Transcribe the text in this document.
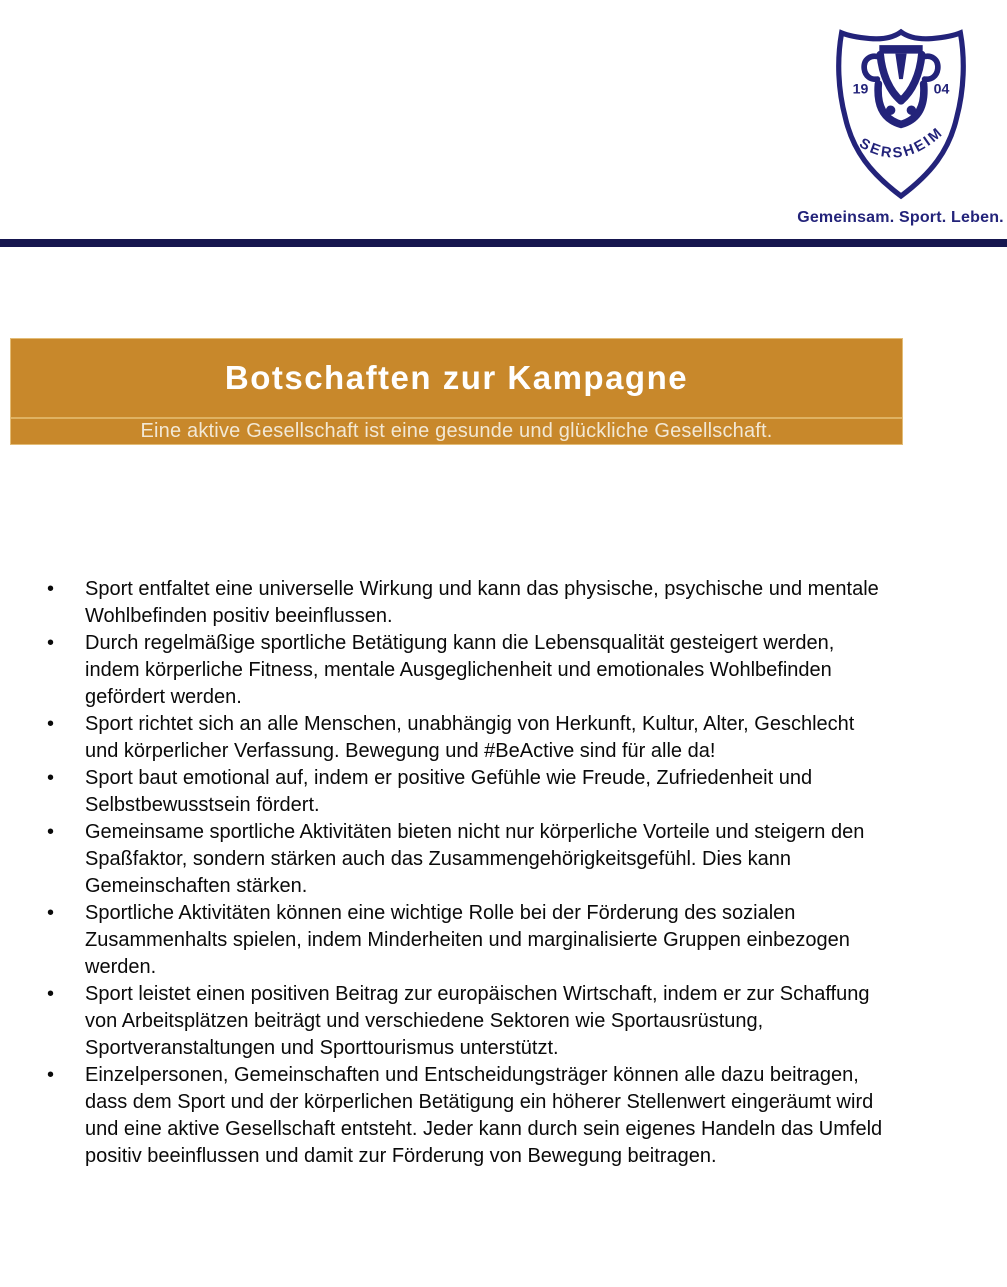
19	04
SERSHEIM
Gemeinsam. Sport. Leben.
Botschaften zur Kampagne
Eine aktive Gesellschaft ist eine gesunde und glückliche Gesellschaft.
•	Sport entfaltet eine universelle Wirkung und kann das physische, psychische und mentale Wohlbefinden positiv beeinflussen.
•	Durch regelmäßige sportliche Betätigung kann die Lebensqualität gesteigert werden, indem körperliche Fitness, mentale Ausgeglichenheit und emotionales Wohlbefinden gefördert werden.
•	Sport richtet sich an alle Menschen, unabhängig von Herkunft, Kultur, Alter, Geschlecht und körperlicher Verfassung. Bewegung und #BeActive sind für alle da!
•	Sport baut emotional auf, indem er positive Gefühle wie Freude, Zufriedenheit und Selbstbewusstsein fördert.
•	Gemeinsame sportliche Aktivitäten bieten nicht nur körperliche Vorteile und steigern den Spaßfaktor, sondern stärken auch das Zusammengehörigkeitsgefühl. Dies kann Gemeinschaften stärken.
•	Sportliche Aktivitäten können eine wichtige Rolle bei der Förderung des sozialen Zusammenhalts spielen, indem Minderheiten und marginalisierte Gruppen einbezogen werden.
•	Sport leistet einen positiven Beitrag zur europäischen Wirtschaft, indem er zur Schaffung von Arbeitsplätzen beiträgt und verschiedene Sektoren wie Sportausrüstung, Sportveranstaltungen und Sporttourismus unterstützt.
•	Einzelpersonen, Gemeinschaften und Entscheidungsträger können alle dazu beitragen, dass dem Sport und der körperlichen Betätigung ein höherer Stellenwert eingeräumt wird und eine aktive Gesellschaft entsteht. Jeder kann durch sein eigenes Handeln das Umfeld positiv beeinflussen und damit zur Förderung von Bewegung beitragen.
